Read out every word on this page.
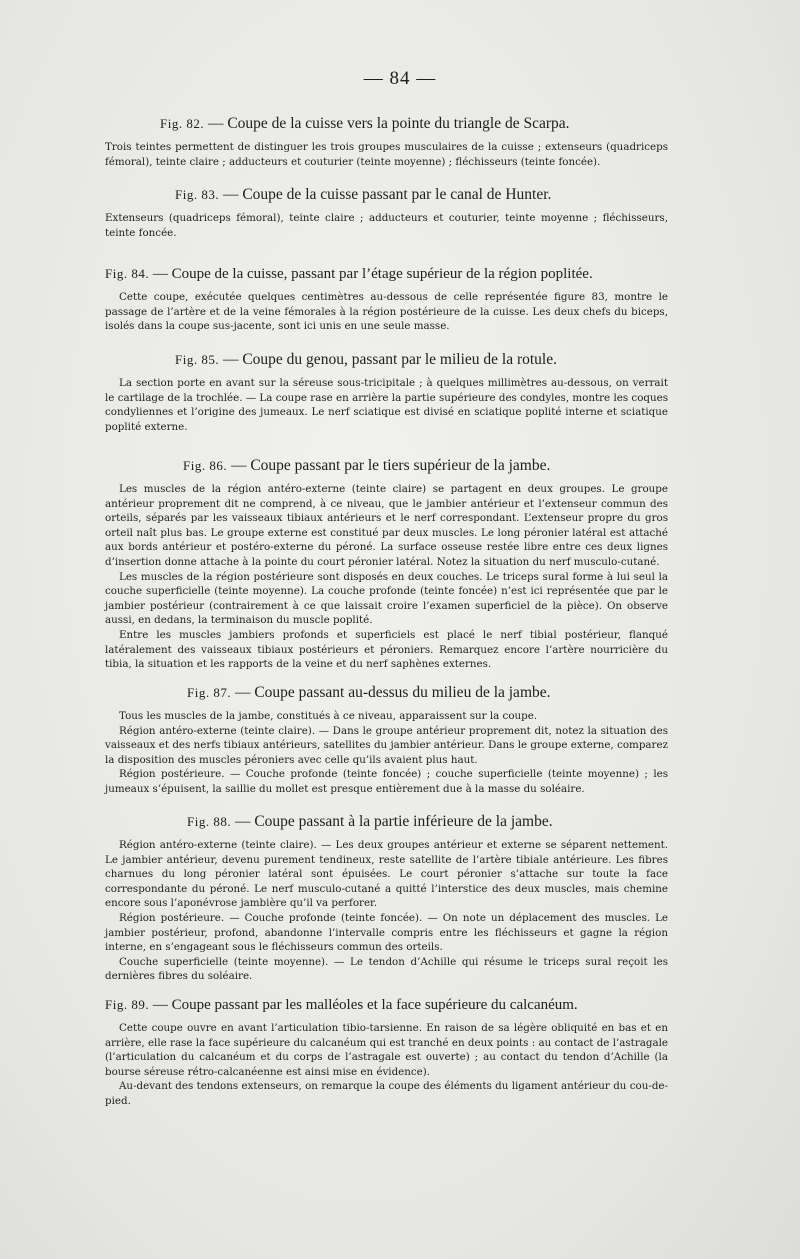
— 84 —
Fig. 82. — Coupe de la cuisse vers la pointe du triangle de Scarpa.

Trois teintes permettent de distinguer les trois groupes musculaires de la cuisse ; extenseurs (quadriceps fémoral), teinte claire ; adducteurs et couturier (teinte moyenne) ; fléchisseurs (teinte foncée).

Fig. 83. — Coupe de la cuisse passant par le canal de Hunter.

Extenseurs (quadriceps fémoral), teinte claire ; adducteurs et couturier, teinte moyenne ; fléchisseurs, teinte foncée.

Fig. 84. — Coupe de la cuisse, passant par l’étage supérieur de la région poplitée.

Cette coupe, exécutée quelques centimètres au-dessous de celle représentée figure 83, montre le passage de l’artère et de la veine fémorales à la région postérieure de la cuisse. Les deux chefs du biceps, isolés dans la coupe sus-jacente, sont ici unis en une seule masse.

Fig. 85. — Coupe du genou, passant par le milieu de la rotule.

La section porte en avant sur la séreuse sous-tricipitale ; à quelques millimètres au-dessous, on verrait le cartilage de la trochlée. — La coupe rase en arrière la partie supérieure des condyles, montre les coques condyliennes et l’origine des jumeaux. Le nerf sciatique est divisé en sciatique poplité interne et sciatique poplité externe.

Fig. 86. — Coupe passant par le tiers supérieur de la jambe.

Les muscles de la région antéro-externe (teinte claire) se partagent en deux groupes. Le groupe antérieur proprement dit ne comprend, à ce niveau, que le jambier antérieur et l’extenseur commun des orteils, séparés par les vaisseaux tibiaux antérieurs et le nerf correspondant. L’extenseur propre du gros orteil naît plus bas. Le groupe externe est constitué par deux muscles. Le long péronier latéral est attaché aux bords antérieur et postéro-externe du péroné. La surface osseuse restée libre entre ces deux lignes d’insertion donne attache à la pointe du court péronier latéral. Notez la situation du nerf musculo-cutané.

Les muscles de la région postérieure sont disposés en deux couches. Le triceps sural forme à lui seul la couche superficielle (teinte moyenne). La couche profonde (teinte foncée) n’est ici représentée que par le jambier postérieur (contrairement à ce que laissait croire l’examen superficiel de la pièce). On observe aussi, en dedans, la terminaison du muscle poplité.

Entre les muscles jambiers profonds et superficiels est placé le nerf tibial postérieur, flanqué latéralement des vaisseaux tibiaux postérieurs et péroniers. Remarquez encore l’artère nourricière du tibia, la situation et les rapports de la veine et du nerf saphènes externes.

Fig. 87. — Coupe passant au-dessus du milieu de la jambe.

Tous les muscles de la jambe, constitués à ce niveau, apparaissent sur la coupe.

Région antéro-externe (teinte claire). — Dans le groupe antérieur proprement dit, notez la situation des vaisseaux et des nerfs tibiaux antérieurs, satellites du jambier antérieur. Dans le groupe externe, comparez la disposition des muscles péroniers avec celle qu’ils avaient plus haut.

Région postérieure. — Couche profonde (teinte foncée) ; couche superficielle (teinte moyenne) ; les jumeaux s’épuisent, la saillie du mollet est presque entièrement due à la masse du soléaire.

Fig. 88. — Coupe passant à la partie inférieure de la jambe.

Région antéro-externe (teinte claire). — Les deux groupes antérieur et externe se séparent nettement. Le jambier antérieur, devenu purement tendineux, reste satellite de l’artère tibiale antérieure. Les fibres charnues du long péronier latéral sont épuisées. Le court péronier s’attache sur toute la face correspondante du péroné. Le nerf musculo-cutané a quitté l’interstice des deux muscles, mais chemine encore sous l’aponévrose jambière qu’il va perforer.

Région postérieure. — Couche profonde (teinte foncée). — On note un déplacement des muscles. Le jambier postérieur, profond, abandonne l’intervalle compris entre les fléchisseurs et gagne la région interne, en s’engageant sous le fléchisseurs commun des orteils.

Couche superficielle (teinte moyenne). — Le tendon d’Achille qui résume le triceps sural reçoit les dernières fibres du soléaire.

Fig. 89. — Coupe passant par les malléoles et la face supérieure du calcanéum.

Cette coupe ouvre en avant l’articulation tibio-tarsienne. En raison de sa légère obliquité en bas et en arrière, elle rase la face supérieure du calcanéum qui est tranché en deux points : au contact de l’astragale (l’articulation du calcanéum et du corps de l’astragale est ouverte) ; au contact du tendon d’Achille (la bourse séreuse rétro-calcanéenne est ainsi mise en évidence).

Au-devant des tendons extenseurs, on remarque la coupe des éléments du ligament antérieur du cou-de-pied.
